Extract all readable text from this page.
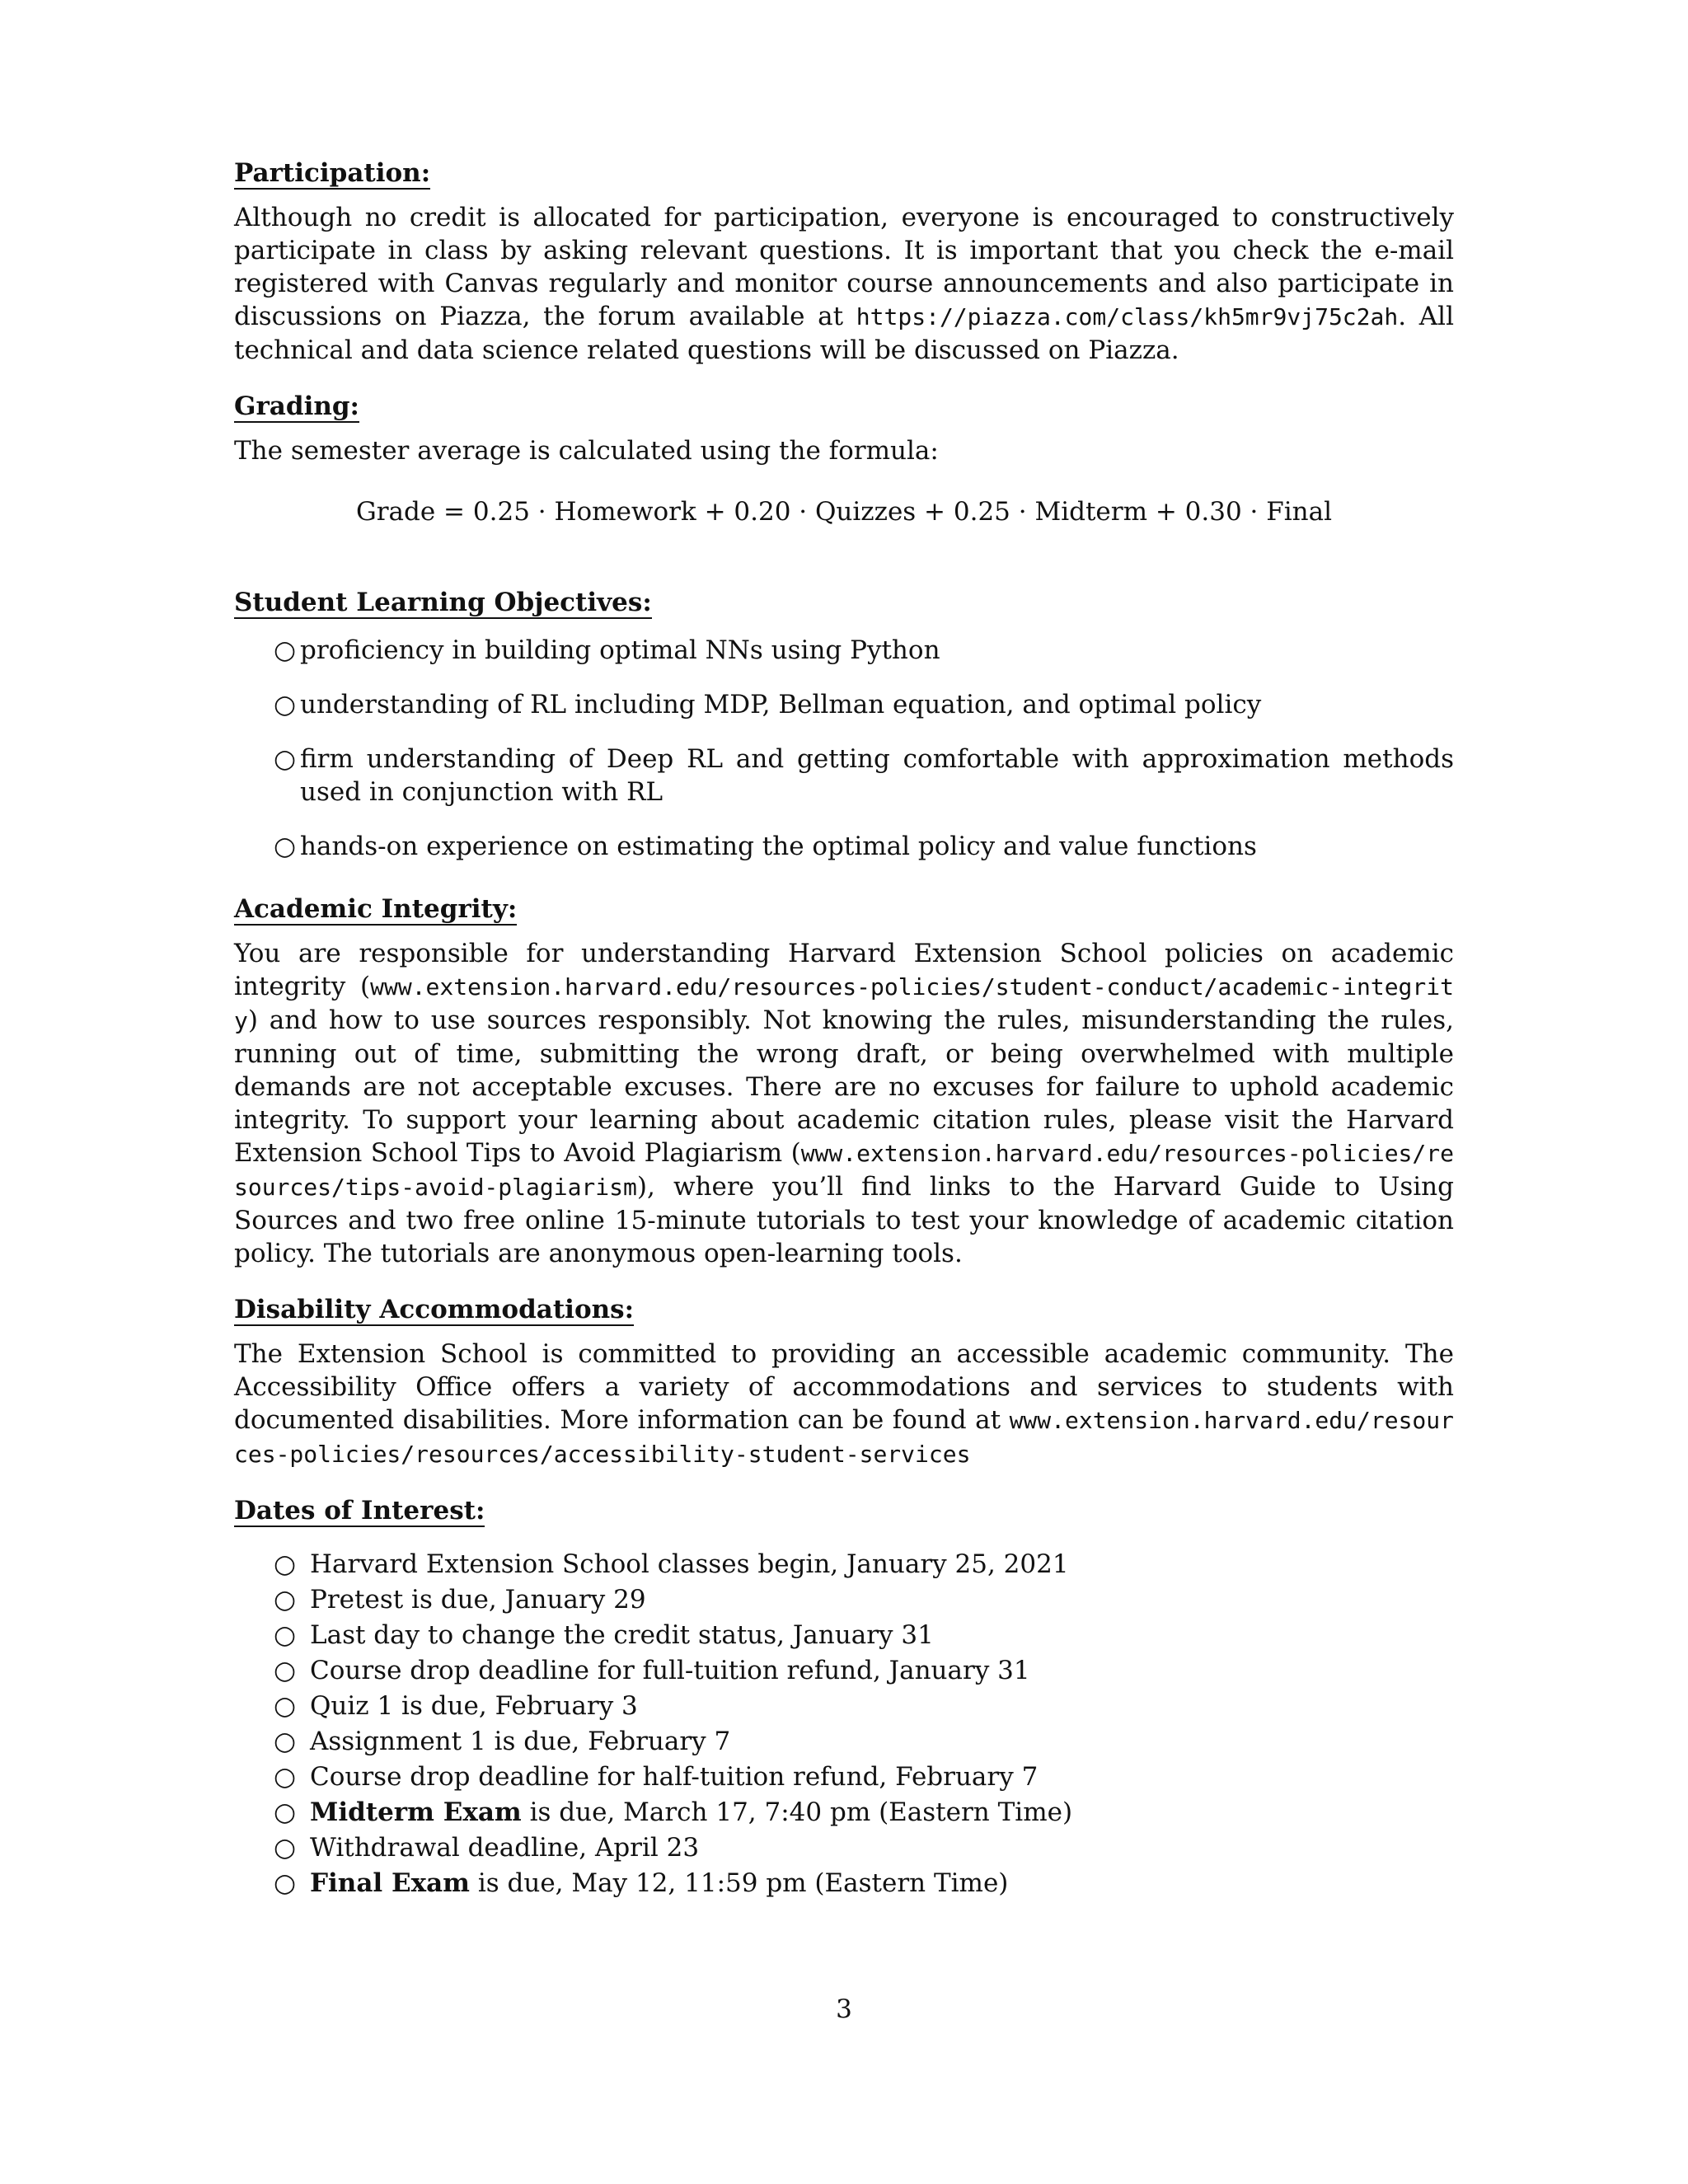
Participation:

Although no credit is allocated for participation, everyone is encouraged to constructively participate in class by asking relevant questions. It is important that you check the e-mail registered with Canvas regularly and monitor course announcements and also participate in discussions on Piazza, the forum available at https://piazza.com/class/kh5mr9vj75c2ah. All technical and data science related questions will be discussed on Piazza.

Grading:

The semester average is calculated using the formula:

Grade = 0.25 · Homework + 0.20 · Quizzes + 0.25 · Midterm + 0.30 · Final
Student Learning Objectives:
○ proficiency in building optimal NNs using Python
○ understanding of RL including MDP, Bellman equation, and optimal policy
○ firm understanding of Deep RL and getting comfortable with approximation methods used in conjunction with RL
○ hands-on experience on estimating the optimal policy and value functions
Academic Integrity:

You are responsible for understanding Harvard Extension School policies on academic integrity (www.extension.harvard.edu/resources-policies/student-conduct/academic-integrity) and how to use sources responsibly. Not knowing the rules, misunderstanding the rules, running out of time, submitting the wrong draft, or being overwhelmed with multiple demands are not acceptable excuses. There are no excuses for failure to uphold academic integrity. To support your learning about academic citation rules, please visit the Harvard Extension School Tips to Avoid Plagiarism (www.extension.harvard.edu/resources-policies/resources/tips-avoid-plagiarism), where you’ll find links to the Harvard Guide to Using Sources and two free online 15-minute tutorials to test your knowledge of academic citation policy. The tutorials are anonymous open-learning tools.

Disability Accommodations:

The Extension School is committed to providing an accessible academic community. The Accessibility Office offers a variety of accommodations and services to students with documented disabilities. More information can be found at www.extension.harvard.edu/resources-policies/resources/accessibility-student-services

Dates of Interest:
○ Harvard Extension School classes begin, January 25, 2021
○ Pretest is due, January 29
○ Last day to change the credit status, January 31
○ Course drop deadline for full-tuition refund, January 31
○ Quiz 1 is due, February 3
○ Assignment 1 is due, February 7
○ Course drop deadline for half-tuition refund, February 7
○ Midterm Exam is due, March 17, 7:40 pm (Eastern Time)
○ Withdrawal deadline, April 23
○ Final Exam is due, May 12, 11:59 pm (Eastern Time)
3
